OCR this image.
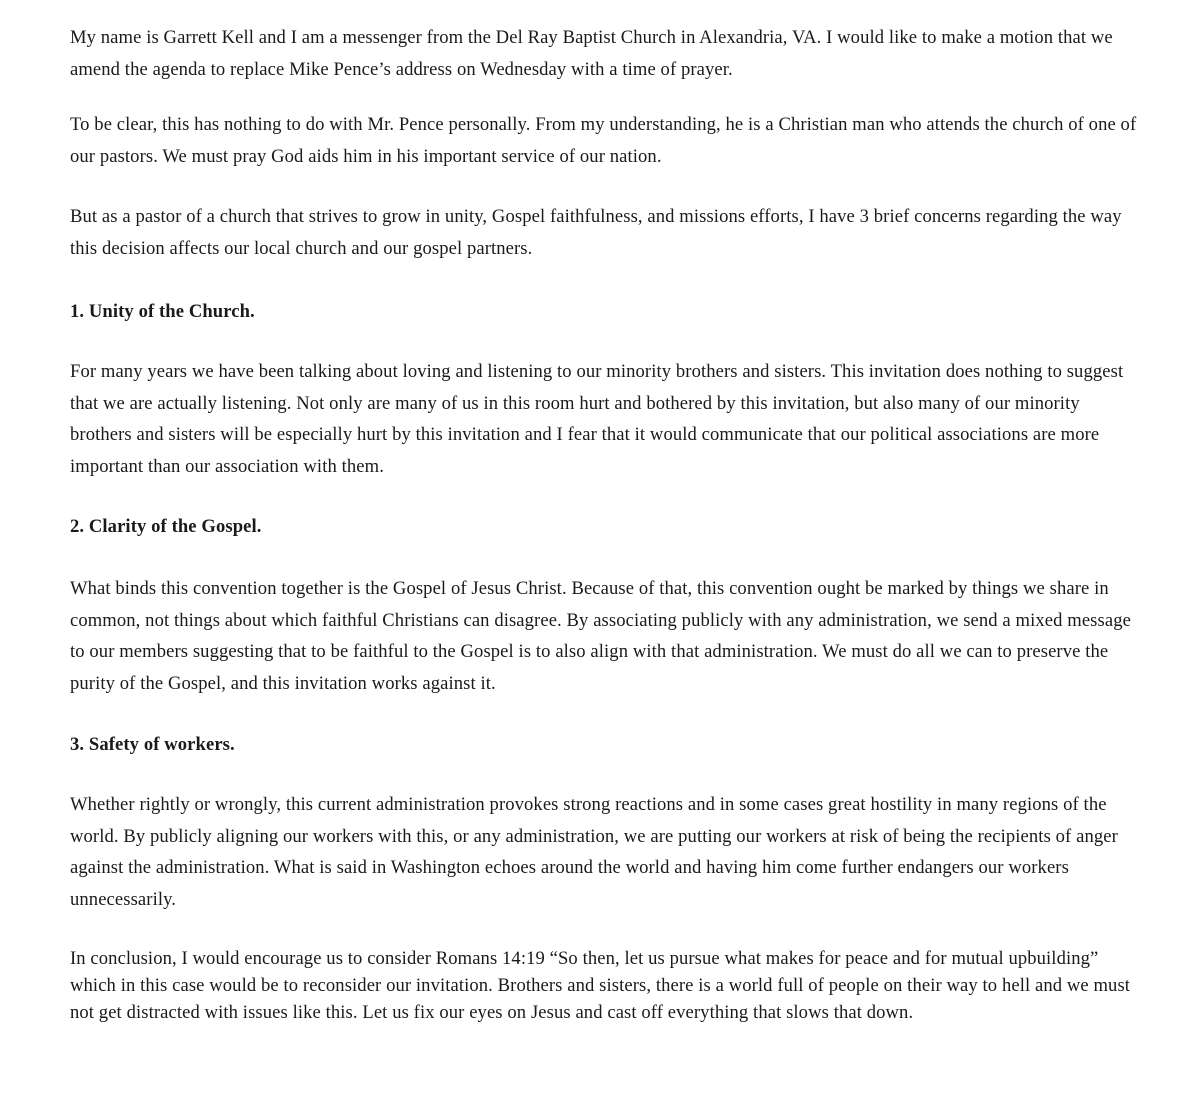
My name is Garrett Kell and I am a messenger from the Del Ray Baptist Church in Alexandria, VA. I would like to make a motion that we amend the agenda to replace Mike Pence’s address on Wednesday with a time of prayer.

To be clear, this has nothing to do with Mr. Pence personally. From my understanding, he is a Christian man who attends the church of one of our pastors. We must pray God aids him in his important service of our nation.

But as a pastor of a church that strives to grow in unity, Gospel faithfulness, and missions efforts, I have 3 brief concerns regarding the way this decision affects our local church and our gospel partners.

1. Unity of the Church.

For many years we have been talking about loving and listening to our minority brothers and sisters. This invitation does nothing to suggest that we are actually listening. Not only are many of us in this room hurt and bothered by this invitation, but also many of our minority brothers and sisters will be especially hurt by this invitation and I fear that it would communicate that our political associations are more important than our association with them.

2. Clarity of the Gospel.

What binds this convention together is the Gospel of Jesus Christ. Because of that, this convention ought be marked by things we share in common, not things about which faithful Christians can disagree. By associating publicly with any administration, we send a mixed message to our members suggesting that to be faithful to the Gospel is to also align with that administration. We must do all we can to preserve the purity of the Gospel, and this invitation works against it.

3. Safety of workers.

Whether rightly or wrongly, this current administration provokes strong reactions and in some cases great hostility in many regions of the world. By publicly aligning our workers with this, or any administration, we are putting our workers at risk of being the recipients of anger against the administration. What is said in Washington echoes around the world and having him come further endangers our workers unnecessarily.

In conclusion, I would encourage us to consider Romans 14:19 “So then, let us pursue what makes for peace and for mutual upbuilding” which in this case would be to reconsider our invitation. Brothers and sisters, there is a world full of people on their way to hell and we must not get distracted with issues like this. Let us fix our eyes on Jesus and cast off everything that slows that down.
